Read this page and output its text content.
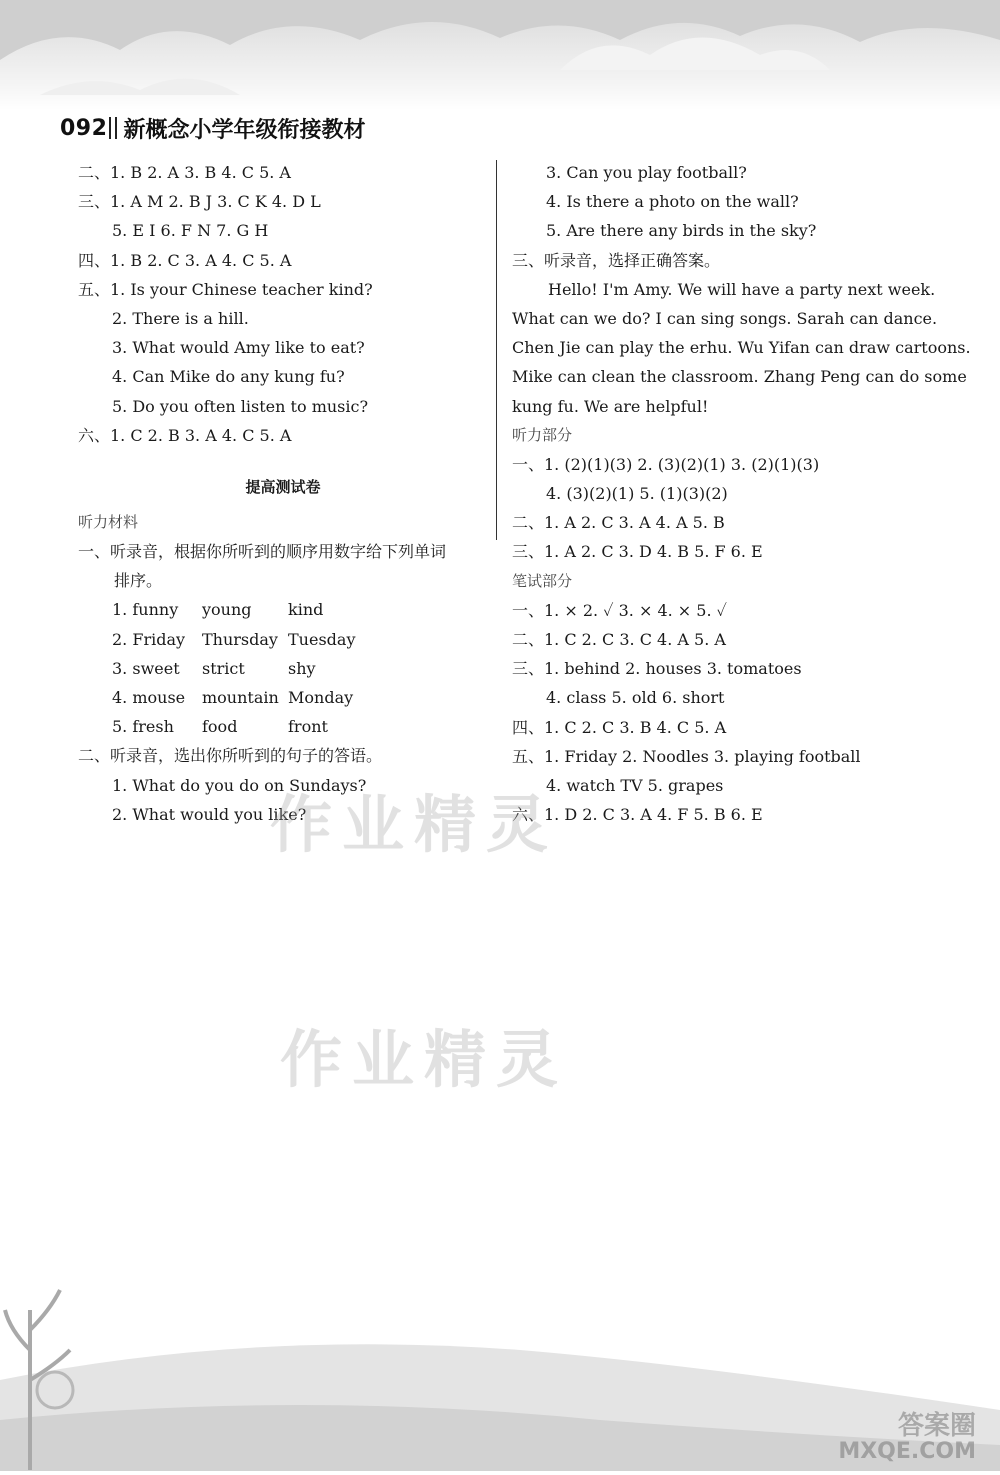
092 新概念小学年级衔接教材
二、1. B 2. A 3. B 4. C 5. A
三、1. A M 2. B J 3. C K 4. D L
5. E I 6. F N 7. G H
四、1. B 2. C 3. A 4. C 5. A
五、1. Is your Chinese teacher kind?
2. There is a hill.
3. What would Amy like to eat?
4. Can Mike do any kung fu?
5. Do you often listen to music?
六、1. C 2. B 3. A 4. C 5. A
提高测试卷
听力材料
一、听录音，根据你所听到的顺序用数字给下列单词
排序。
1. funny	young	kind
2. Friday	Thursday Tuesday
3. sweet	strict	shy
4. mouse	mountain Monday
5. fresh	food	front
二、听录音，选出你所听到的句子的答语。
1. What do you do on Sundays?
2. What would you like?
3. Can you play football?
4. Is there a photo on the wall?
5. Are there any birds in the sky?
三、听录音，选择正确答案。
Hello! I'm Amy. We will have a party next week.
What can we do? I can sing songs. Sarah can dance.
Chen Jie can play the erhu. Wu Yifan can draw cartoons.
Mike can clean the classroom. Zhang Peng can do some
kung fu. We are helpful!
听力部分
一、1. (2)(1)(3) 2. (3)(2)(1) 3. (2)(1)(3)
4. (3)(2)(1) 5. (1)(3)(2)
二、1. A 2. C 3. A 4. A 5. B
三、1. A 2. C 3. D 4. B 5. F 6. E
笔试部分
一、1. × 2. ✓ 3. × 4. × 5. ✓
二、1. C 2. C 3. C 4. A 5. A
三、1. behind 2. houses 3. tomatoes
4. class 5. old 6. short
四、1. C 2. C 3. B 4. C 5. A
五、1. Friday 2. Noodles 3. playing football
4. watch TV 5. grapes
六、1. D 2. C 3. A 4. F 5. B 6. E
作业精灵
作业精灵
答案圈
MXQE.COM
